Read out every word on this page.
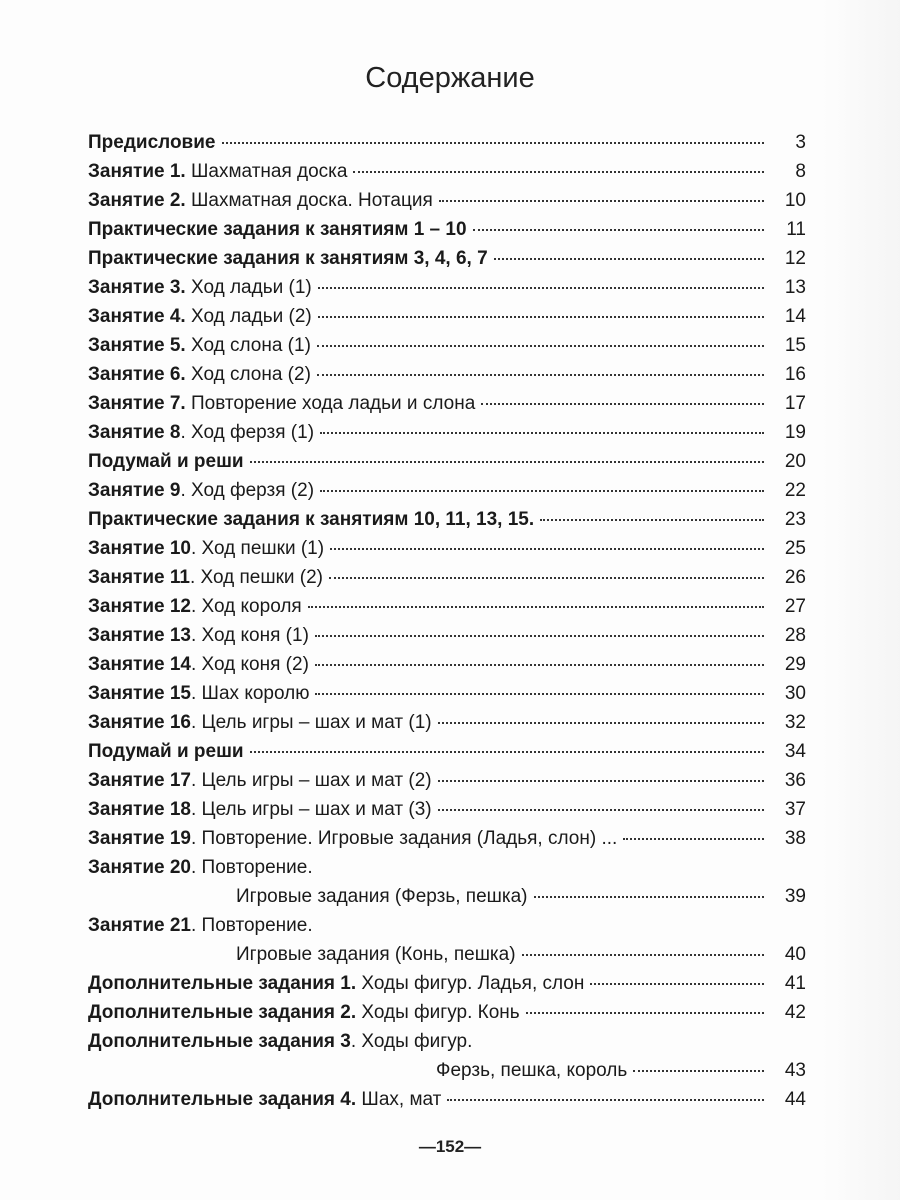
Содержание
Предисловие	3
Занятие 1. Шахматная доска	8
Занятие 2. Шахматная доска. Нотация	10
Практические задания к занятиям 1 – 10	11
Практические задания к занятиям 3, 4, 6, 7	12
Занятие 3. Ход ладьи (1)	13
Занятие 4. Ход ладьи (2)	14
Занятие 5. Ход слона (1)	15
Занятие 6. Ход слона (2)	16
Занятие 7. Повторение хода ладьи и слона	17
Занятие 8. Ход ферзя (1)	19
Подумай и реши	20
Занятие 9. Ход ферзя (2)	22
Практические задания к занятиям 10, 11, 13, 15.	23
Занятие 10. Ход пешки (1)	25
Занятие 11. Ход пешки (2)	26
Занятие 12. Ход короля	27
Занятие 13. Ход коня (1)	28
Занятие 14. Ход коня (2)	29
Занятие 15. Шах королю	30
Занятие 16. Цель игры – шах и мат (1)	32
Подумай и реши	34
Занятие 17. Цель игры – шах и мат (2)	36
Занятие 18. Цель игры – шах и мат (3)	37
Занятие 19. Повторение. Игровые задания (Ладья, слон) ...	38
Занятие 20. Повторение.
Игровые задания (Ферзь, пешка)	39
Занятие 21. Повторение.
Игровые задания (Конь, пешка)	40
Дополнительные задания 1. Ходы фигур. Ладья, слон	41
Дополнительные задания 2. Ходы фигур. Конь	42
Дополнительные задания 3. Ходы фигур.
Ферзь, пешка, король	43
Дополнительные задания 4. Шах, мат	44
—152—
